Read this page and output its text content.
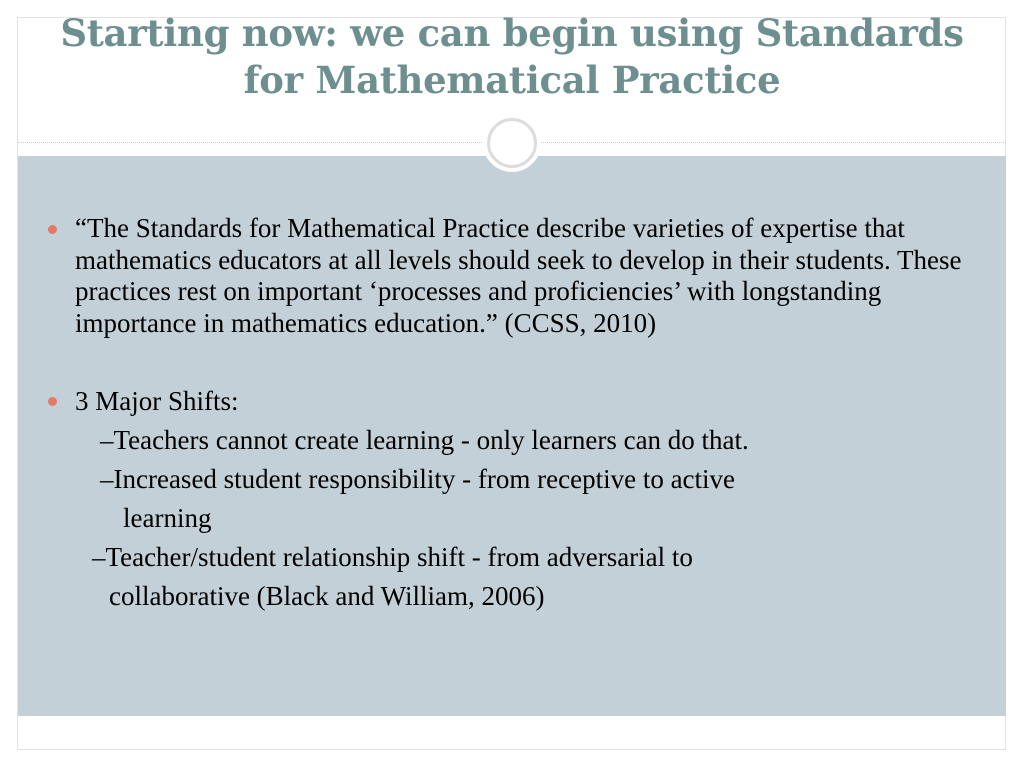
Starting now: we can begin using Standards
for Mathematical Practice
“The Standards for Mathematical Practice describe varieties of expertise that mathematics educators at all levels should seek to develop in their students. These practices rest on important ‘processes and proficiencies’ with longstanding importance in mathematics education.” (CCSS, 2010)
3 Major Shifts:
–Teachers cannot create learning - only learners can do that.
–Increased student responsibility - from receptive to active
learning
–Teacher/student relationship shift - from adversarial to
collaborative (Black and William, 2006)
